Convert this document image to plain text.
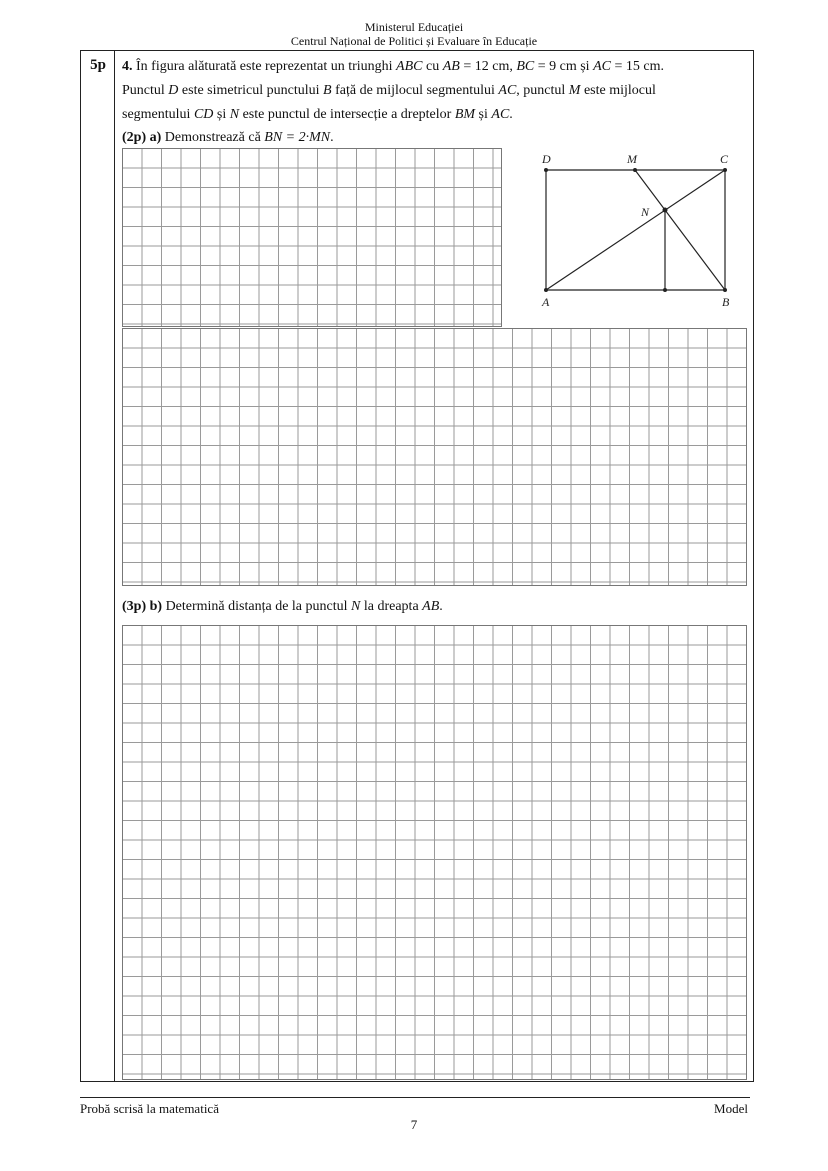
Ministerul Educației
Centrul Național de Politici și Evaluare în Educație
5p	4. În figura alăturată este reprezentat un triunghi ABC cu AB = 12 cm, BC = 9 cm și AC = 15 cm.
Punctul D este simetricul punctului B față de mijlocul segmentului AC, punctul M este mijlocul
segmentului CD și N este punctul de intersecție a dreptelor BM și AC.
(2p) a) Demonstrează că BN = 2·MN.
(3p) b) Determină distanța de la punctul N la dreapta AB.
D	M	C
N
A	B
Probă scrisă la matematică	Model
7
